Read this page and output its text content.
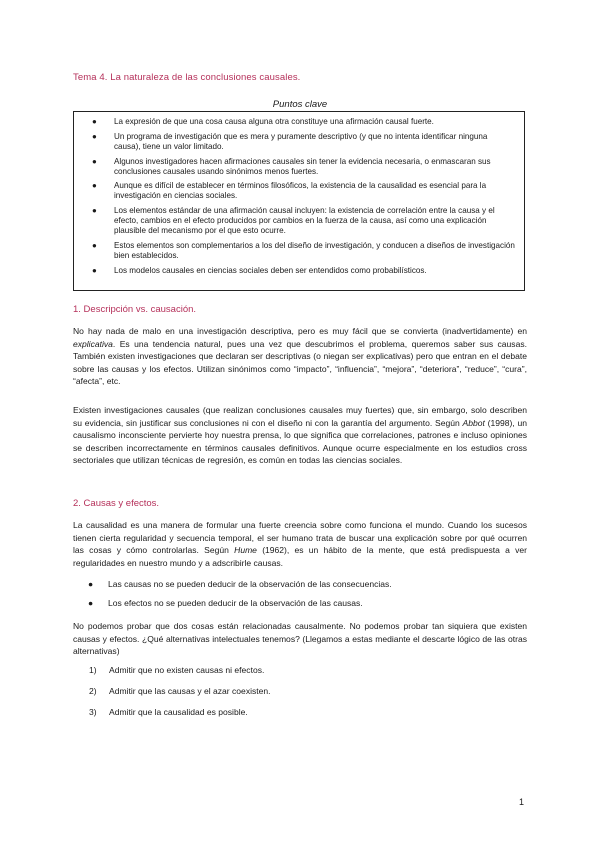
Tema 4. La naturaleza de las conclusiones causales.

Puntos clave

● La expresión de que una cosa causa alguna otra constituye una afirmación causal fuerte.
● Un programa de investigación que es mera y puramente descriptivo (y que no intenta identificar ninguna causa), tiene un valor limitado.
● Algunos investigadores hacen afirmaciones causales sin tener la evidencia necesaria, o enmascaran sus conclusiones causales usando sinónimos menos fuertes.
● Aunque es difícil de establecer en términos filosóficos, la existencia de la causalidad es esencial para la investigación en ciencias sociales.
● Los elementos estándar de una afirmación causal incluyen: la existencia de correlación entre la causa y el efecto, cambios en el efecto producidos por cambios en la fuerza de la causa, así como una explicación plausible del mecanismo por el que esto ocurre.
● Estos elementos son complementarios a los del diseño de investigación, y conducen a diseños de investigación bien establecidos.
● Los modelos causales en ciencias sociales deben ser entendidos como probabilísticos.
1. Descripción vs. causación.

No hay nada de malo en una investigación descriptiva, pero es muy fácil que se convierta (inadvertidamente) en explicativa. Es una tendencia natural, pues una vez que descubrimos el problema, queremos saber sus causas. También existen investigaciones que declaran ser descriptivas (o niegan ser explicativas) pero que entran en el debate sobre las causas y los efectos. Utilizan sinónimos como “impacto”, “influencia”, “mejora”, “deteriora”, “reduce”, “cura”, “afecta”, etc.

Existen investigaciones causales (que realizan conclusiones causales muy fuertes) que, sin embargo, solo describen su evidencia, sin justificar sus conclusiones ni con el diseño ni con la garantía del argumento. Según Abbot (1998), un causalismo inconsciente pervierte hoy nuestra prensa, lo que significa que correlaciones, patrones e incluso opiniones se describen incorrectamente en términos causales definitivos. Aunque ocurre especialmente en los estudios cross sectoriales que utilizan técnicas de regresión, es común en todas las ciencias sociales.

2. Causas y efectos.

La causalidad es una manera de formular una fuerte creencia sobre como funciona el mundo. Cuando los sucesos tienen cierta regularidad y secuencia temporal, el ser humano trata de buscar una explicación sobre por qué ocurren las cosas y cómo controlarlas. Según Hume (1962), es un hábito de la mente, que está predispuesta a ver regularidades en nuestro mundo y a adscribirle causas.

● Las causas no se pueden deducir de la observación de las consecuencias.
● Los efectos no se pueden deducir de la observación de las causas.

No podemos probar que dos cosas están relacionadas causalmente. No podemos probar tan siquiera que existen causas y efectos. ¿Qué alternativas intelectuales tenemos? (Llegamos a estas mediante el descarte lógico de las otras alternativas)

1) Admitir que no existen causas ni efectos.
2) Admitir que las causas y el azar coexisten.
3) Admitir que la causalidad es posible.

1
